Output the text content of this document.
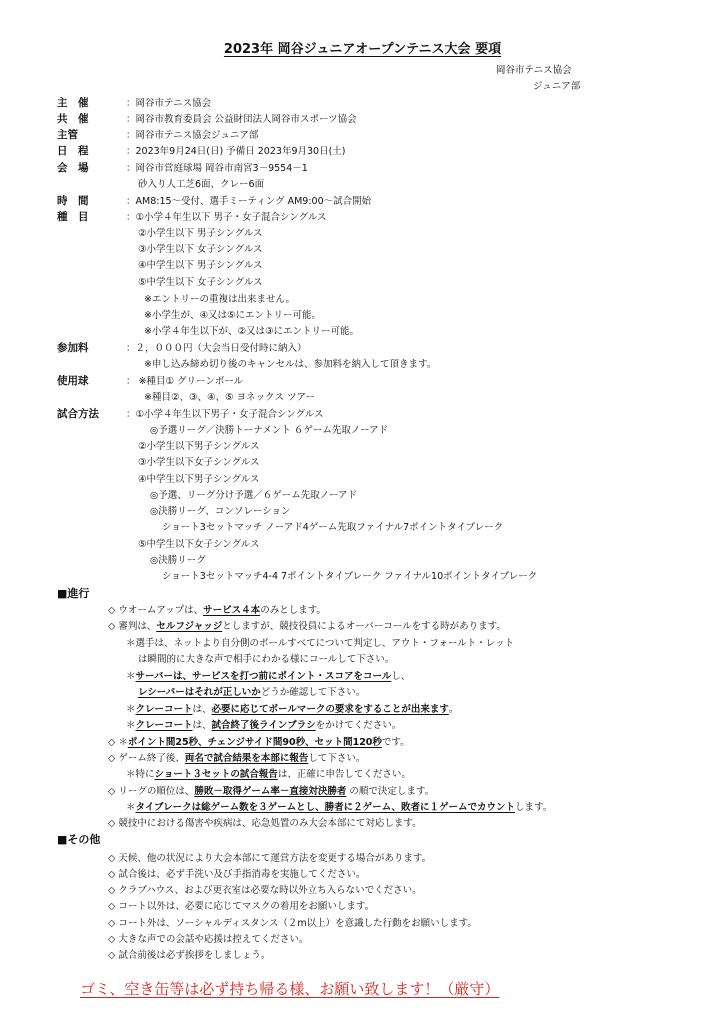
2023年 岡谷ジュニアオープンテニス大会 要項
岡谷市テニス協会
ジュニア部
主　催	：岡谷市テニス協会
共　催	：岡谷市教育委員会 公益財団法人岡谷市スポーツ協会
主管	：岡谷市テニス協会ジュニア部
日　程	：2023年9月24日(日) 予備日 2023年9月30日(土)
会　場	：岡谷市営庭球場 岡谷市南宮3－9554－1
砂入り人工芝6面、クレー6面
時　間	：AM8:15～受付、選手ミーティング AM9:00～試合開始
種　目	：①小学４年生以下 男子・女子混合シングルス
②小学生以下 男子シングルス
③小学生以下 女子シングルス
④中学生以下 男子シングルス
⑤中学生以下 女子シングルス
※エントリーの重複は出来ません。
※小学生が、④又は⑤にエントリー可能。
※小学４年生以下が、②又は③にエントリー可能。
参加料	：２，０００円（大会当日受付時に納入）
※申し込み締め切り後のキャンセルは、参加料を納入して頂きます。
使用球	： ※種目① グリーンボール
※種目②、③、④、⑤ ヨネックス ツアー
試合方法	：①小学４年生以下男子・女子混合シングルス
◎予選リーグ／決勝トーナメント ６ゲーム先取ノーアド
②小学生以下男子シングルス
③小学生以下女子シングルス
④中学生以下男子シングルス
◎予選、リーグ分け予選／６ゲーム先取ノーアド
◎決勝リーグ、コンソレーション
ショート3セットマッチ ノーアド4ゲーム先取ファイナル7ポイントタイブレーク
⑤中学生以下女子シングルス
◎決勝リーグ
ショート3セットマッチ4-4 7ポイントタイブレーク ファイナル10ポイントタイブレーク
■進行
◇ ウオームアップは、サービス４本のみとします。
◇ 審判は、セルフジャッジとしますが、競技役員によるオーバーコールをする時があります。
＊選手は、ネットより自分側のボールすべてについて判定し、アウト・フォールト・レット
は瞬間的に大きな声で相手にわかる様にコールして下さい。
＊サーバーは、サービスを打つ前にポイント・スコアをコールし、
レシーバーはそれが正しいかどうか確認して下さい。
＊クレーコートは、必要に応じてボールマークの要求をすることが出来ます。
＊クレーコートは、試合終了後ラインブラシをかけてください。
◇ ＊ポイント間25秒、チェンジサイド間90秒、セット間120秒です。
◇ ゲーム終了後、両名で試合結果を本部に報告して下さい。
＊特にショート３セットの試合報告は、正確に申告してください。
◇ リーグの順位は、勝敗－取得ゲーム率－直接対決勝者 の順で決定します。
＊タイブレークは総ゲーム数を３ゲームとし、勝者に２ゲーム、敗者に１ゲームでカウントします。
◇ 競技中における傷害や疾病は、応急処置のみ大会本部にて対応します。
■その他
◇ 天候、他の状況により大会本部にて運営方法を変更する場合があります。
◇ 試合後は、必ず手洗い及び手指消毒を実施してください。
◇ クラブハウス、および更衣室は必要な時以外立ち入らないでください。
◇ コート以外は、必要に応じてマスクの着用をお願いします。
◇ コート外は、ソーシャルディスタンス（２m以上）を意識した行動をお願いします。
◇ 大きな声での会話や応援は控えてください。
◇ 試合前後は必ず挨拶をしましょう。
ゴミ、空き缶等は必ず持ち帰る様、お願い致します！（厳守）
